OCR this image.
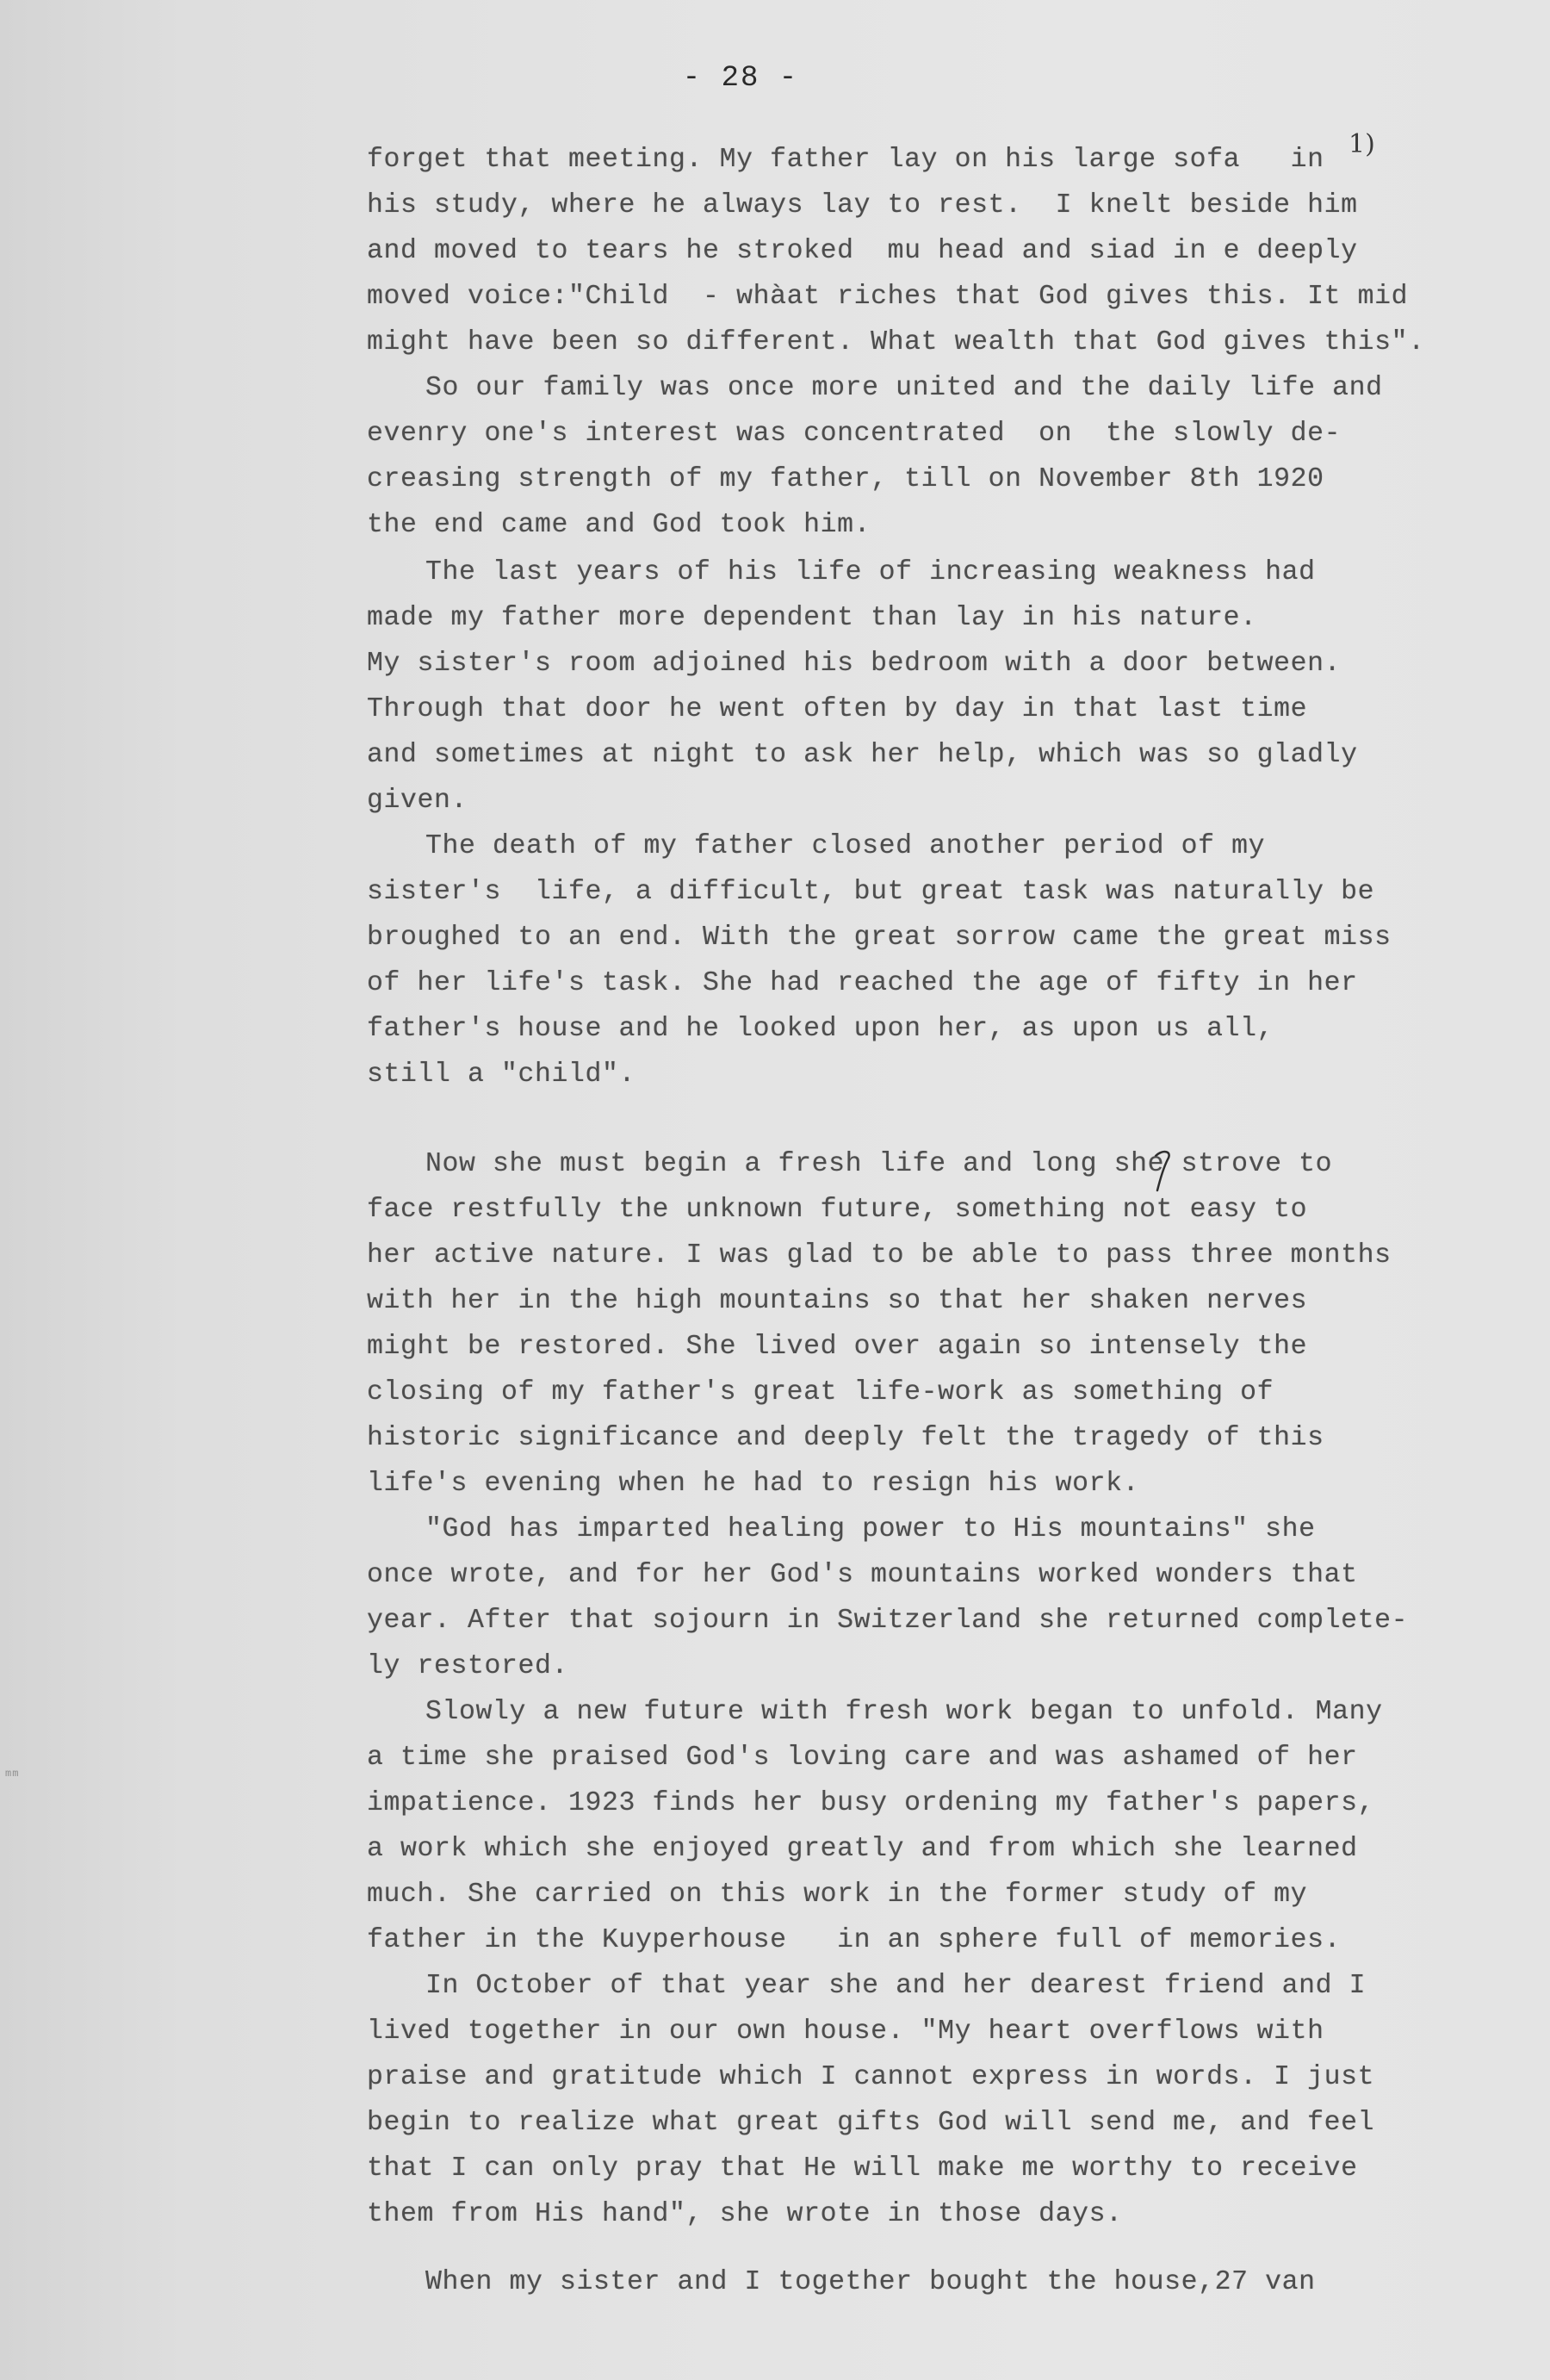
- 28 -
mm
1)
forget that meeting. My father lay on his large sofa   in
his study, where he always lay to rest.  I knelt beside him
and moved to tears he stroked  mu head and siad in e deeply
moved voice:"Child  - whàat riches that God gives this. It mid
might have been so different. What wealth that God gives this".
So our family was once more united and the daily life and
evenry one's interest was concentrated  on  the slowly de-
creasing strength of my father, till on November 8th 1920
the end came and God took him.
The last years of his life of increasing weakness had
made my father more dependent than lay in his nature.
My sister's room adjoined his bedroom with a door between.
Through that door he went often by day in that last time
and sometimes at night to ask her help, which was so gladly
given.
The death of my father closed another period of my
sister's  life, a difficult, but great task was naturally be
broughed to an end. With the great sorrow came the great miss
of her life's task. She had reached the age of fifty in her
father's house and he looked upon her, as upon us all,
still a "child".
Now she must begin a fresh life and long she strove to
face restfully the unknown future, something not easy to
her active nature. I was glad to be able to pass three months
with her in the high mountains so that her shaken nerves
might be restored. She lived over again so intensely the
closing of my father's great life-work as something of
historic significance and deeply felt the tragedy of this
life's evening when he had to resign his work.
"God has imparted healing power to His mountains" she
once wrote, and for her God's mountains worked wonders that
year. After that sojourn in Switzerland she returned complete-
ly restored.
Slowly a new future with fresh work began to unfold. Many
a time she praised God's loving care and was ashamed of her
impatience. 1923 finds her busy ordening my father's papers,
a work which she enjoyed greatly and from which she learned
much. She carried on this work in the former study of my
father in the Kuyperhouse   in an sphere full of memories.
In October of that year she and her dearest friend and I
lived together in our own house. "My heart overflows with
praise and gratitude which I cannot express in words. I just
begin to realize what great gifts God will send me, and feel
that I can only pray that He will make me worthy to receive
them from His hand", she wrote in those days.
When my sister and I together bought the house,27 van
